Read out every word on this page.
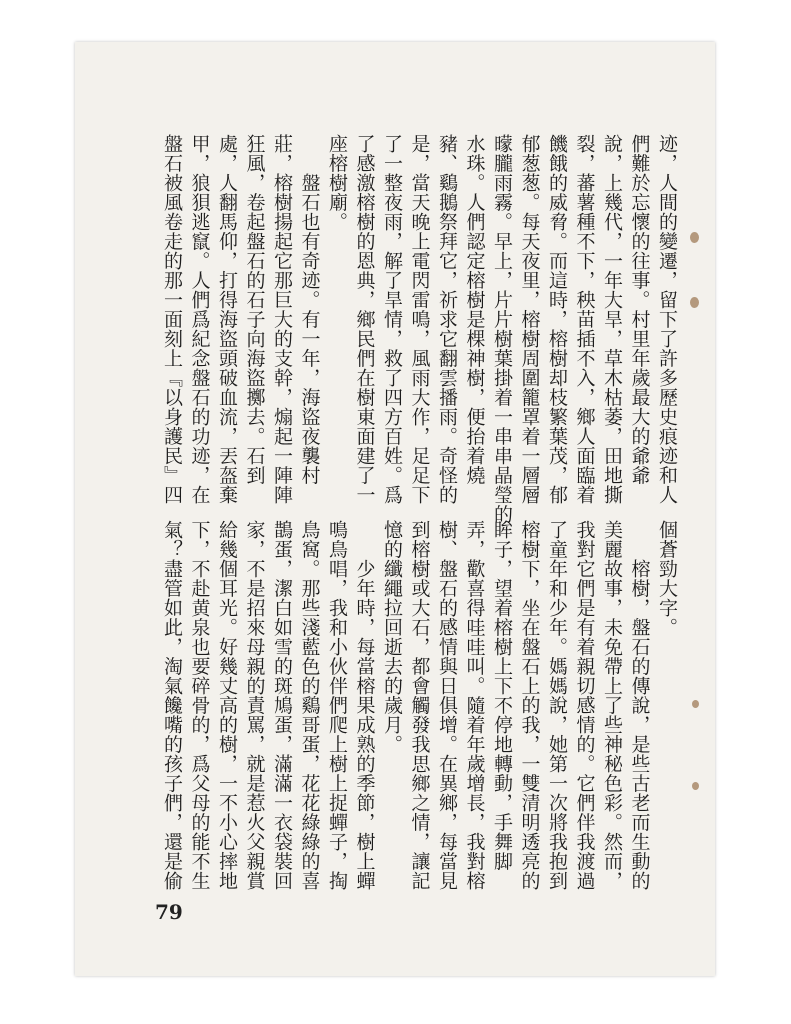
迹，人間的變遷，留下了許多歷史痕迹和人
們難於忘懷的往事。村里年歲最大的爺爺
說，上幾代，一年大旱，草木枯萎，田地撕
裂，蕃薯種不下，秧苗插不入，鄉人面臨着
饑餓的威脅。而這時，榕樹却枝繁葉茂，郁
郁葱葱。每天夜里，榕樹周圍籠罩着一層層
曚朧雨霧。早上，片片樹葉掛着一串串晶瑩的
水珠。人們認定榕樹是棵神樹，便抬着燒
豬、鷄鵝祭拜它，祈求它翻雲播雨。奇怪的
是，當天晚上電閃雷鳴，風雨大作，足足下
了一整夜雨，解了旱情，救了四方百姓。爲
了感激榕樹的恩典，鄉民們在樹東面建了一
座榕樹廟。
　　盤石也有奇迹。有一年，海盜夜襲村
莊，榕樹揚起它那巨大的支幹，煽起一陣陣
狂風，卷起盤石的石子向海盜擲去。石到
處，人翻馬仰，打得海盜頭破血流，丟盔棄
甲，狼狽逃竄。人們爲紀念盤石的功迹，在
盤石被風卷走的那一面刻上『以身護民』四
個蒼勁大字。
　　榕樹，盤石的傳說，是些古老而生動的
美麗故事，未免帶上了些神秘色彩。然而，
我對它們是有着親切感情的。它們伴我渡過
了童年和少年。媽媽說，她第一次將我抱到
榕樹下，坐在盤石上的我，一雙清明透亮的
眸子，望着榕樹上下不停地轉動，手舞脚
弄，歡喜得哇哇叫。隨着年歲增長，我對榕
樹、盤石的感情與日俱增。在異鄉，每當見
到榕樹或大石，都會觸發我思鄉之情，讓記
憶的纖繩拉回逝去的歲月。
　　少年時，每當榕果成熟的季節，樹上蟬
鳴鳥唱，我和小伙伴們爬上樹上捉蟬子，掏
鳥窩。那些淺藍色的鷄哥蛋，花花綠綠的喜
鵲蛋，潔白如雪的斑鳩蛋，滿滿一衣袋裝回
家，不是招來母親的責罵，就是惹火父親賞
給幾個耳光。好幾丈高的樹，一不小心摔地
下，不赴黄泉也要碎骨的，爲父母的能不生
氣？盡管如此，淘氣饞嘴的孩子們，還是偷
79
